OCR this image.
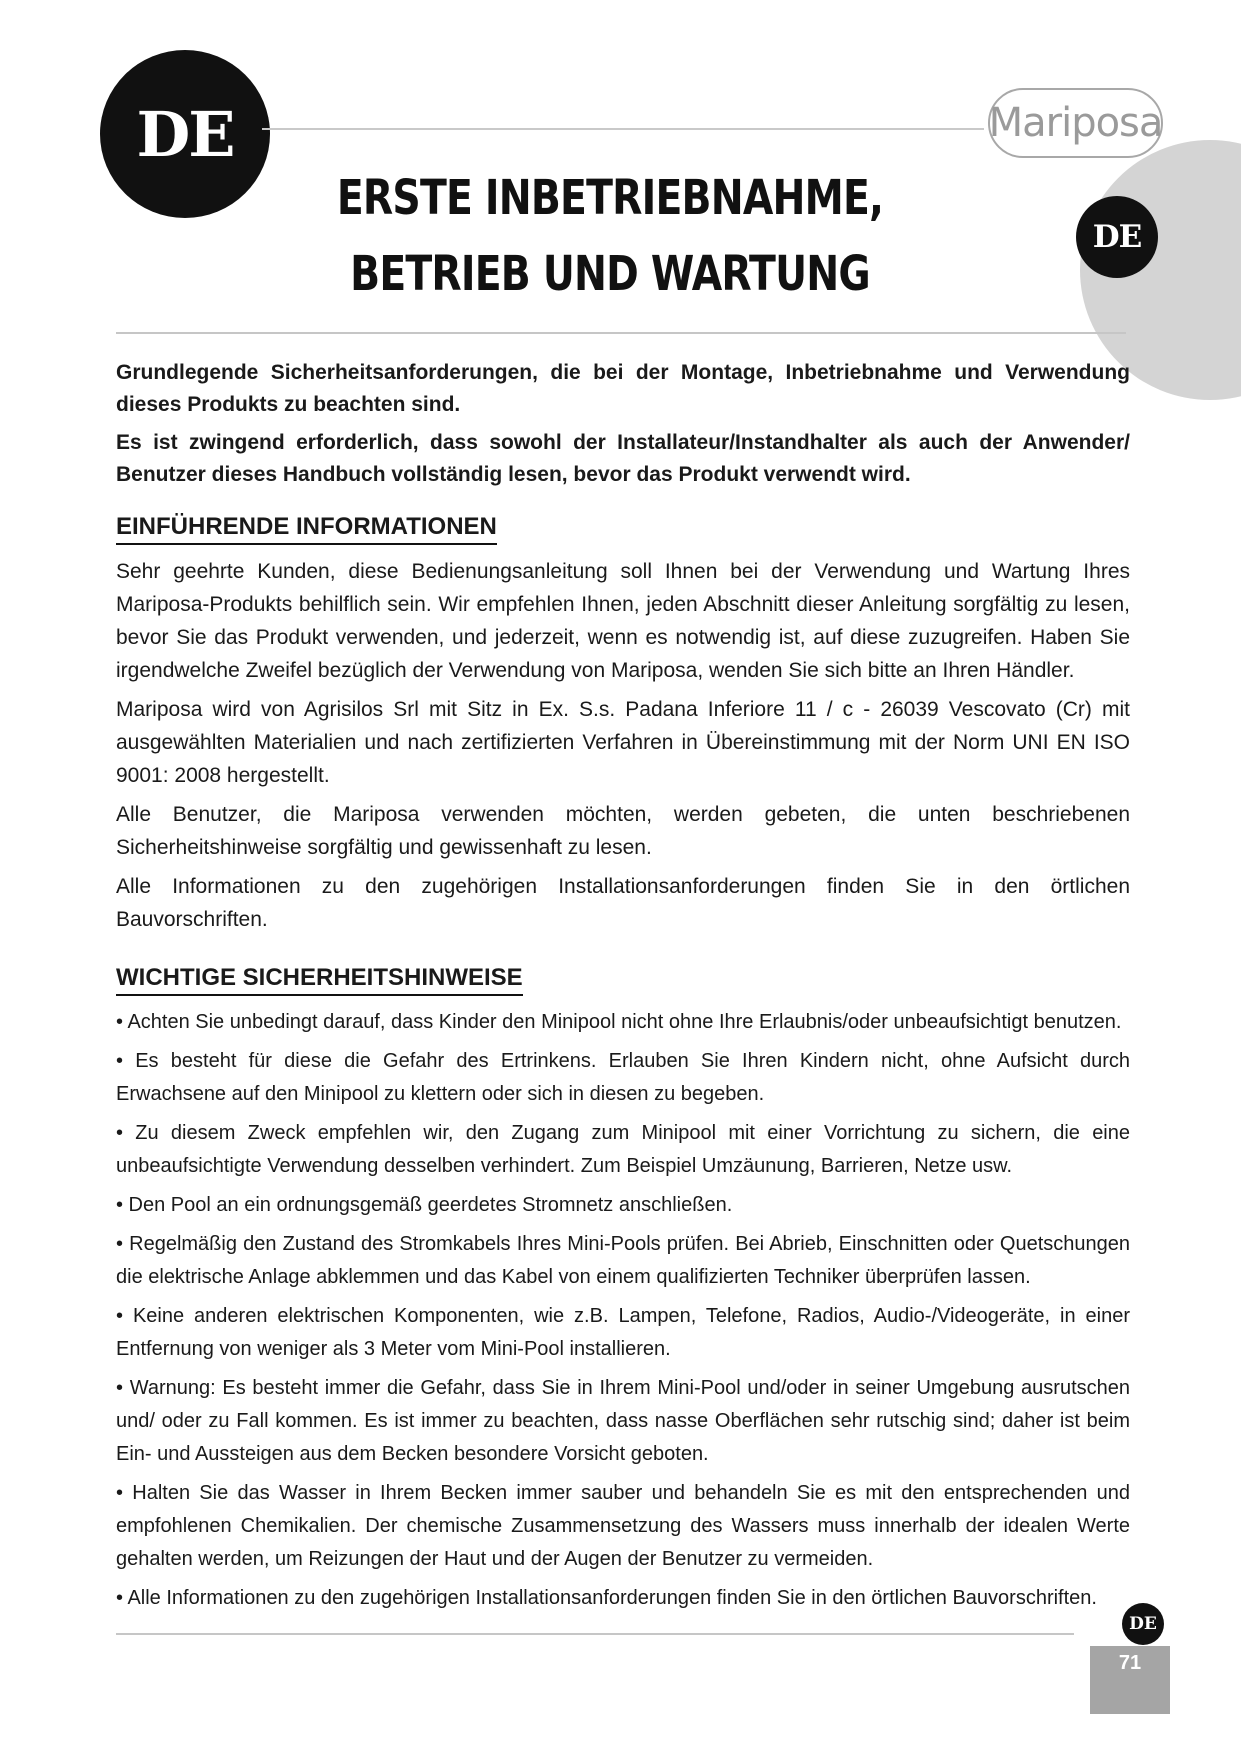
DE	Mariposa
DE
ERSTE INBETRIEBNAHME,
BETRIEB UND WARTUNG

Grundlegende Sicherheitsanforderungen, die bei der Montage, Inbetriebnahme und Verwendung dieses Produkts zu beachten sind.

Es ist zwingend erforderlich, dass sowohl der Installateur/Instandhalter als auch der Anwender/ Benutzer dieses Handbuch vollständig lesen, bevor das Produkt verwendt wird.

EINFÜHRENDE INFORMATIONEN

Sehr geehrte Kunden, diese Bedienungsanleitung soll Ihnen bei der Verwendung und Wartung Ihres Mariposa-Produkts behilflich sein. Wir empfehlen Ihnen, jeden Abschnitt dieser Anleitung sorgfältig zu lesen, bevor Sie das Produkt verwenden, und jederzeit, wenn es notwendig ist, auf diese zuzugreifen. Haben Sie irgendwelche Zweifel bezüglich der Verwendung von Mariposa, wenden Sie sich bitte an Ihren Händler.

Mariposa wird von Agrisilos Srl mit Sitz in Ex. S.s. Padana Inferiore 11 / c - 26039 Vescovato (Cr) mit ausgewählten Materialien und nach zertifizierten Verfahren in Übereinstimmung mit der Norm UNI EN ISO 9001: 2008 hergestellt.

Alle Benutzer, die Mariposa verwenden möchten, werden gebeten, die unten beschriebenen Sicherheitshinweise sorgfältig und gewissenhaft zu lesen.

Alle Informationen zu den zugehörigen Installationsanforderungen finden Sie in den örtlichen Bauvorschriften.

WICHTIGE SICHERHEITSHINWEISE

• Achten Sie unbedingt darauf, dass Kinder den Minipool nicht ohne Ihre Erlaubnis/oder unbeaufsichtigt benutzen.

• Es besteht für diese die Gefahr des Ertrinkens. Erlauben Sie Ihren Kindern nicht, ohne Aufsicht durch Erwachsene auf den Minipool zu klettern oder sich in diesen zu begeben.

• Zu diesem Zweck empfehlen wir, den Zugang zum Minipool mit einer Vorrichtung zu sichern, die eine unbeaufsichtigte Verwendung desselben verhindert. Zum Beispiel Umzäunung, Barrieren, Netze usw.

• Den Pool an ein ordnungsgemäß geerdetes Stromnetz anschließen.

• Regelmäßig den Zustand des Stromkabels Ihres Mini-Pools prüfen. Bei Abrieb, Einschnitten oder Quetschungen die elektrische Anlage abklemmen und das Kabel von einem qualifizierten Techniker überprüfen lassen.

• Keine anderen elektrischen Komponenten, wie z.B. Lampen, Telefone, Radios, Audio-/Videogeräte, in einer Entfernung von weniger als 3 Meter vom Mini-Pool installieren.

• Warnung: Es besteht immer die Gefahr, dass Sie in Ihrem Mini-Pool und/oder in seiner Umgebung ausrutschen und/ oder zu Fall kommen. Es ist immer zu beachten, dass nasse Oberflächen sehr rutschig sind; daher ist beim Ein- und Aussteigen aus dem Becken besondere Vorsicht geboten.

• Halten Sie das Wasser in Ihrem Becken immer sauber und behandeln Sie es mit den entsprechenden und empfohlenen Chemikalien. Der chemische Zusammensetzung des Wassers muss innerhalb der idealen Werte gehalten werden, um Reizungen der Haut und der Augen der Benutzer zu vermeiden.

• Alle Informationen zu den zugehörigen Installationsanforderungen finden Sie in den örtlichen Bauvorschriften.

DE
71
